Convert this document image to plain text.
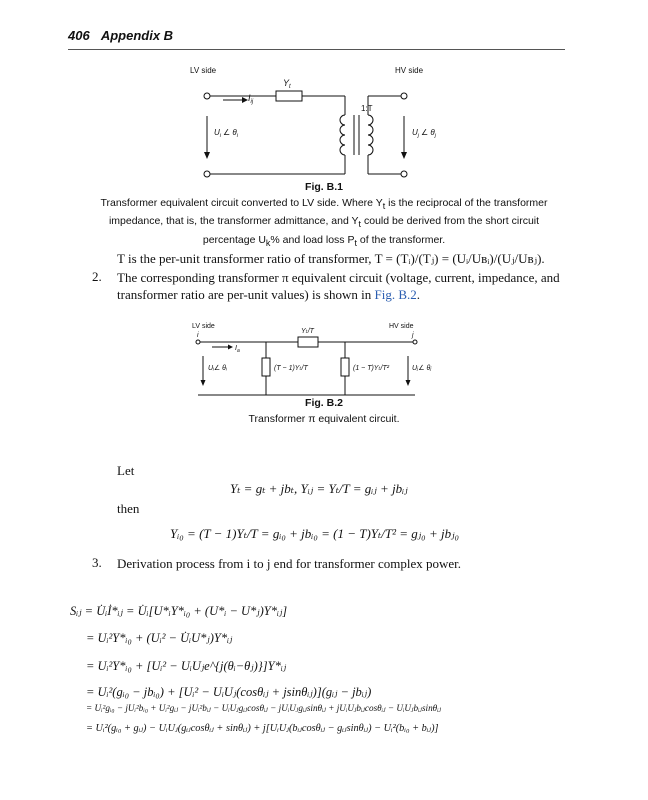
406 Appendix B
LV side	HV side
$Y_t$
$I_{ij}$
1:T
$U_i$ ∠ $\theta_i$	$U_j$ ∠ $\theta_j$
Fig. B.1
Transformer equivalent circuit converted to LV side. Where $Y_t$ is the reciprocal of the transformer
impedance, that is, the transformer admittance, and $Y_t$ could be derived from the short circuit
percentage $U_k\%$ and load loss $P_t$ of the transformer.
T is the per-unit transformer ratio of transformer, T = (Tᵢ)/(Tⱼ) = (Uᵢ/Uʙᵢ)/(Uⱼ/Uʙⱼ).
2. The corresponding transformer π equivalent circuit (voltage, current, impedance, and
transformer ratio are per-unit values) is shown in Fig. B.2.
LV side
i
HV side
j
Yₜ/T
$I_a$
Uᵢ∠ θᵢ	(T − 1)Yₜ/T	(1 − T)Yₜ/T²	Uⱼ∠ θⱼ
Fig. B.2
Transformer π equivalent circuit.
Let
Yₜ = gₜ + jbₜ, Yᵢⱼ = Yₜ/T = gᵢⱼ + jbᵢⱼ
then
Yᵢ₀ = (T − 1)Yₜ/T = gᵢ₀ + jbᵢ₀ = (1 − T)Yₜ/T² = gⱼ₀ + jbⱼ₀
3. Derivation process from i to j end for transformer complex power.
Sᵢⱼ = U̇ᵢİ*ᵢⱼ = U̇ᵢ[U*ᵢY*ᵢ₀ + (U*ᵢ − U*ⱼ)Y*ᵢⱼ]
= Uᵢ²Y*ᵢ₀ + (Uᵢ² − U̇ᵢU*ⱼ)Y*ᵢⱼ
= Uᵢ²Y*ᵢ₀ + [Uᵢ² − UᵢUⱼe^{j(θᵢ−θⱼ)}]Y*ᵢⱼ
= Uᵢ²(gᵢ₀ − jbᵢ₀) + [Uᵢ² − UᵢUⱼ(cosθᵢⱼ + jsinθᵢⱼ)](gᵢⱼ − jbᵢⱼ)
= Uᵢ²gᵢ₀ − jUᵢ²bᵢ₀ + Uᵢ²gᵢⱼ − jUᵢ²bᵢⱼ − UᵢUⱼgᵢⱼcosθᵢⱼ − jUᵢUⱼgᵢⱼsinθᵢⱼ + jUᵢUⱼbᵢⱼcosθᵢⱼ − UᵢUⱼbᵢⱼsinθᵢⱼ
= Uᵢ²(gᵢ₀ + gᵢⱼ) − UᵢUⱼ(gᵢⱼcosθᵢⱼ + sinθᵢⱼ) + j[UᵢUⱼ(bᵢⱼcosθᵢⱼ − gᵢⱼsinθᵢⱼ) − Uᵢ²(bᵢ₀ + bᵢⱼ)]
